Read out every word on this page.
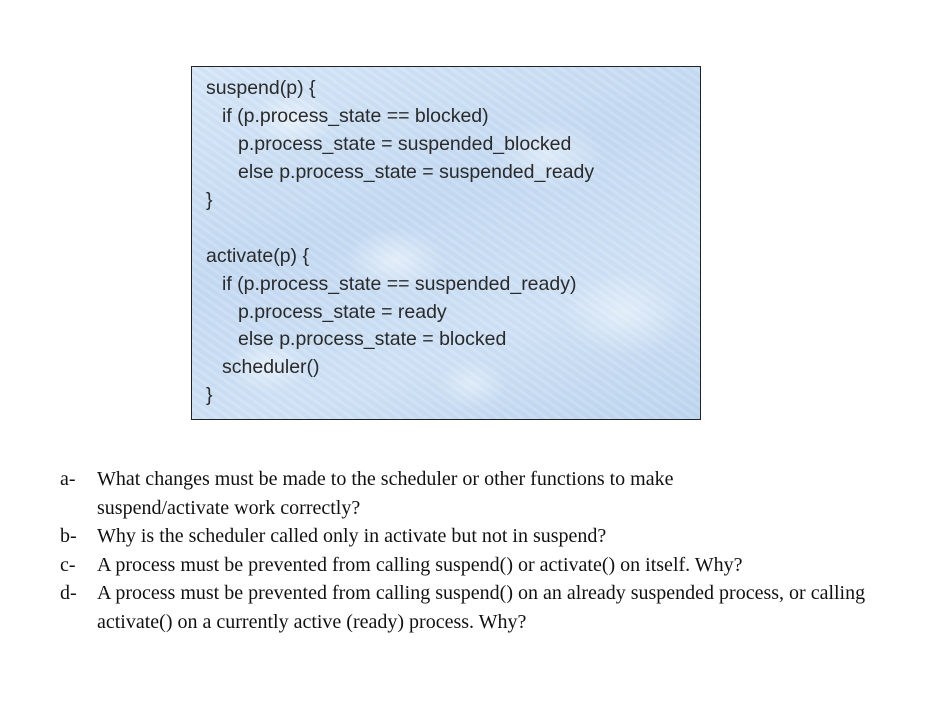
suspend(p) {
if (p.process_state == blocked)
p.process_state = suspended_blocked
else p.process_state = suspended_ready
}
activate(p) {
if (p.process_state == suspended_ready)
p.process_state = ready
else p.process_state = blocked
scheduler()
}
a-	What changes must be made to the scheduler or other functions to make suspend/activate work correctly?
b-	Why is the scheduler called only in activate but not in suspend?
c-	A process must be prevented from calling suspend() or activate() on itself. Why?
d-	A process must be prevented from calling suspend() on an already suspended process, or calling activate() on a currently active (ready) process. Why?
